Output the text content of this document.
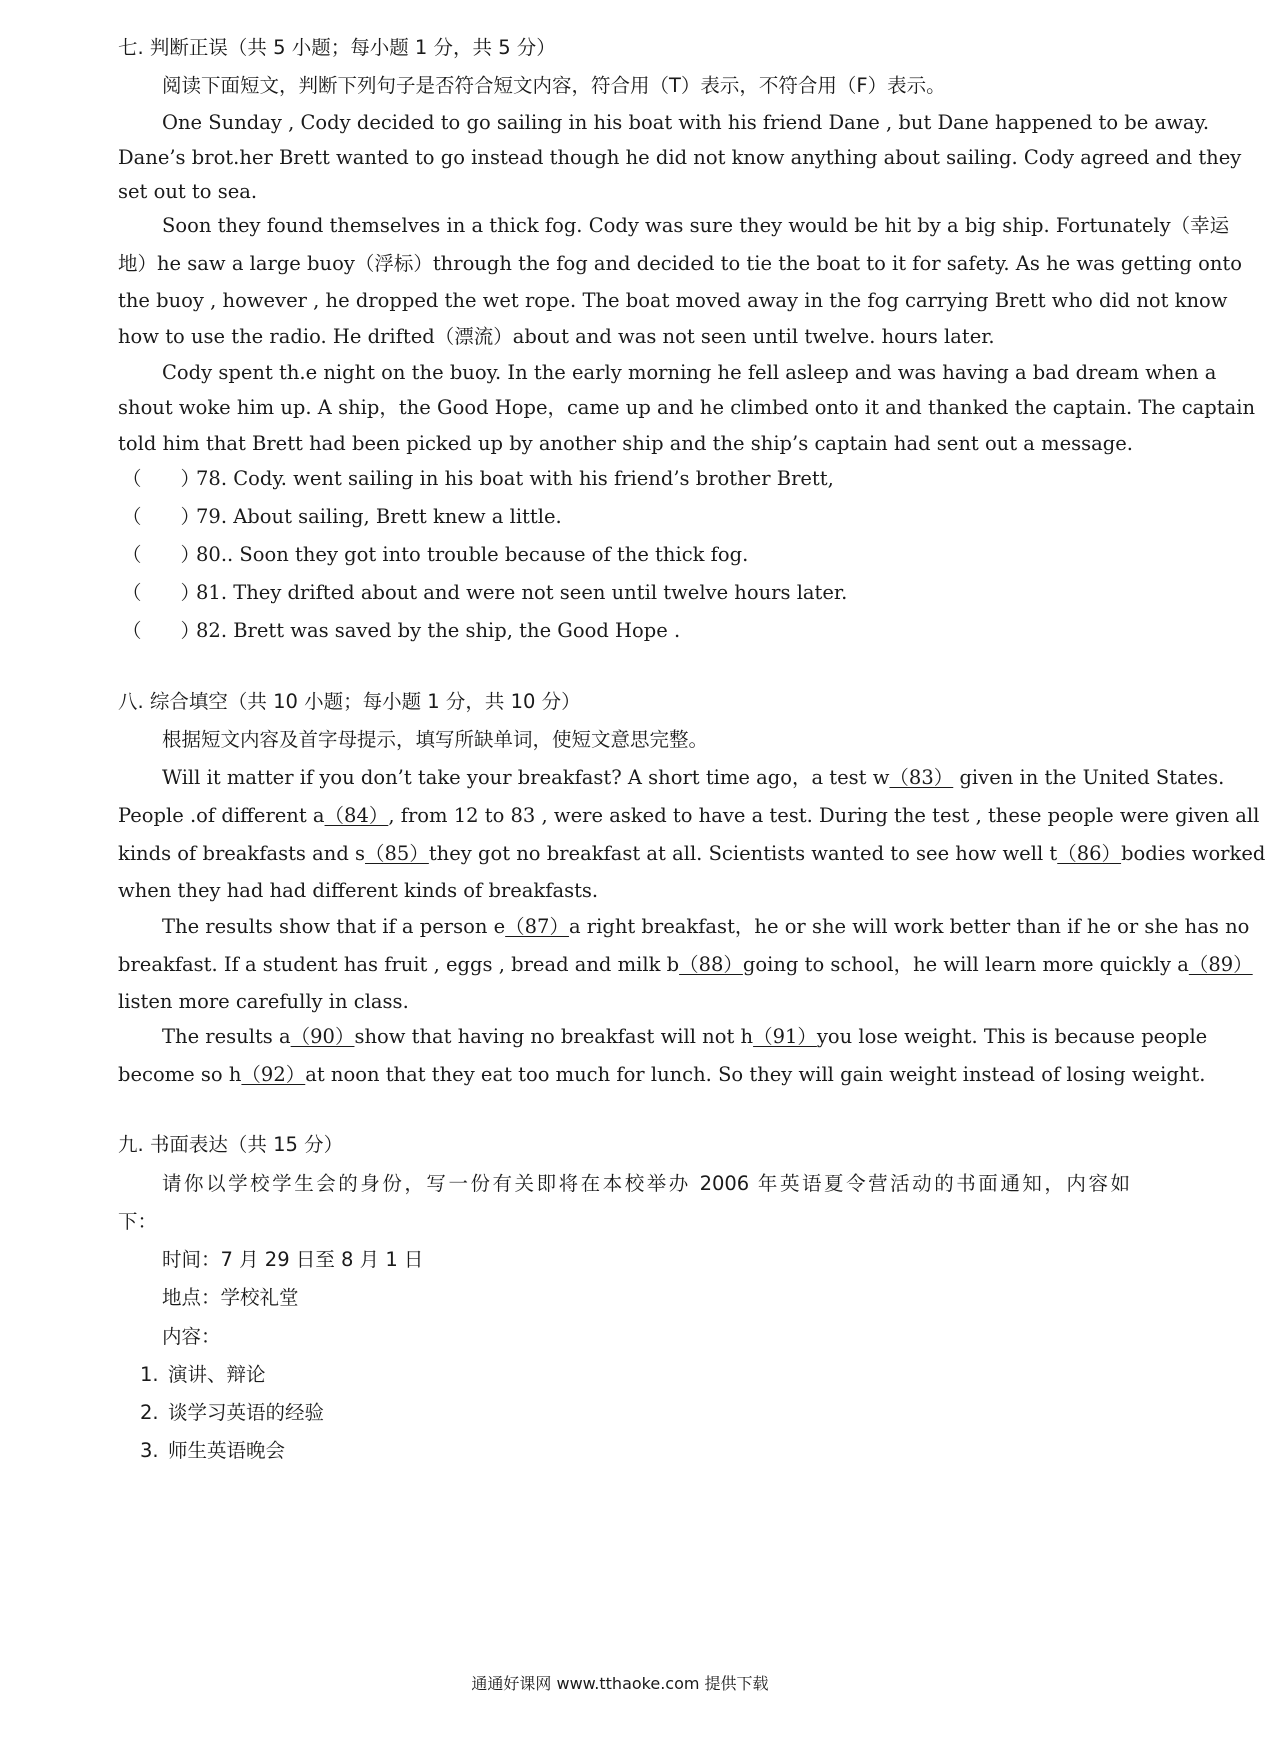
七. 判断正误（共 5 小题；每小题 1 分，共 5 分）
阅读下面短文，判断下列句子是否符合短文内容，符合用（T）表示，不符合用（F）表示。
One Sunday , Cody decided to go sailing in his boat with his friend Dane , but Dane happened to be away.
Dane’s brot.her Brett wanted to go instead though he did not know anything about sailing. Cody agreed and they
set out to sea.
Soon they found themselves in a thick fog. Cody was sure they would be hit by a big ship. Fortunately（幸运
地）he saw a large buoy（浮标）through the fog and decided to tie the boat to it for safety. As he was getting onto
the buoy , however , he dropped the wet rope. The boat moved away in the fog carrying Brett who did not know
how to use the radio. He drifted（漂流）about and was not seen until twelve. hours later.
Cody spent th.e night on the buoy. In the early morning he fell asleep and was having a bad dream when a
shout woke him up. A ship，the Good Hope，came up and he climbed onto it and thanked the captain. The captain
told him that Brett had been picked up by another ship and the ship’s captain had sent out a message.
（　　）78. Cody. went sailing in his boat with his friend’s brother Brett,
（　　）79. About sailing, Brett knew a little.
（　　）80.. Soon they got into trouble because of the thick fog.
（　　）81. They drifted about and were not seen until twelve hours later.
（　　）82. Brett was saved by the ship, the Good Hope .
八. 综合填空（共 10 小题；每小题 1 分，共 10 分）
根据短文内容及首字母提示，填写所缺单词，使短文意思完整。
Will it matter if you don’t take your breakfast? A short time ago，a test w（83） given in the United States.
People .of different a（84）, from 12 to 83 , were asked to have a test. During the test , these people were given all
kinds of breakfasts and s（85）they got no breakfast at all. Scientists wanted to see how well t（86）bodies worked
when they had had different kinds of breakfasts.
The results show that if a person e（87）a right breakfast，he or she will work better than if he or she has no
breakfast. If a student has fruit , eggs , bread and milk b（88）going to school，he will learn more quickly a（89）
listen more carefully in class.
The results a（90）show that having no breakfast will not h（91）you lose weight. This is because people
become so h（92）at noon that they eat too much for lunch. So they will gain weight instead of losing weight.
九. 书面表达（共 15 分）
请你以学校学生会的身份，写一份有关即将在本校举办 2006 年英语夏令营活动的书面通知，内容如
下：
时间：7 月 29 日至 8 月 1 日
地点：学校礼堂
内容：
1. 演讲、辩论
2. 谈学习英语的经验
3. 师生英语晚会
通通好课网 www.tthaoke.com 提供下载
